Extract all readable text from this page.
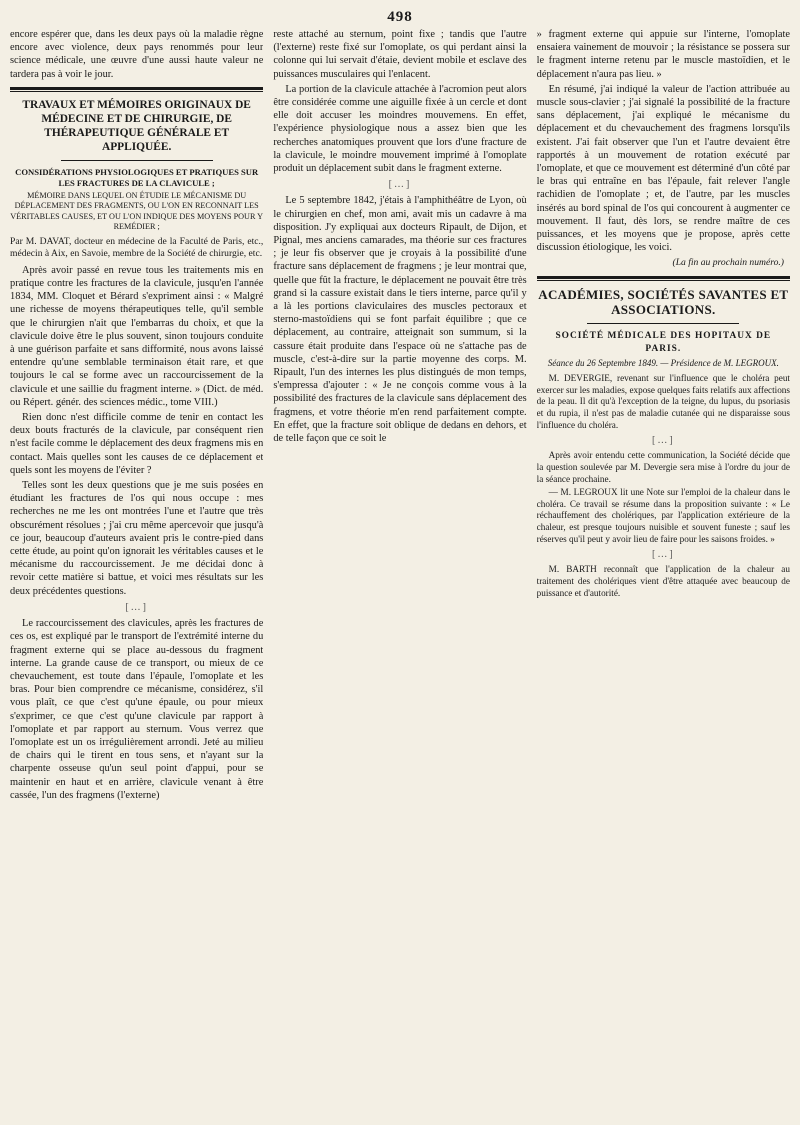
498

encore espérer que, dans les deux pays où la maladie règne encore avec violence, deux pays renommés pour leur science médicale, une œuvre d'une aussi haute valeur ne tardera pas à voir le jour.

TRAVAUX ET MÉMOIRES ORIGINAUX DE MÉDECINE ET DE CHIRURGIE, DE THÉRAPEUTIQUE GÉNÉRALE ET APPLIQUÉE.
CONSIDÉRATIONS PHYSIOLOGIQUES ET PRATIQUES SUR LES FRACTURES DE LA CLAVICULE ;
MÉMOIRE DANS LEQUEL ON ÉTUDIE LE MÉCANISME DU DÉPLACEMENT DES FRAGMENTS, OU L'ON EN RECONNAIT LES VÉRITABLES CAUSES, ET OU L'ON INDIQUE DES MOYENS POUR Y REMÉDIER ;
Par M. DAVAT, docteur en médecine de la Faculté de Paris, etc., médecin à Aix, en Savoie, membre de la Société de chirurgie, etc.

Après avoir passé en revue tous les traitements mis en pratique contre les fractures de la clavicule, jusqu'en l'année 1834, MM. Cloquet et Bérard s'expriment ainsi : « Malgré une richesse de moyens thérapeutiques telle, qu'il semble que le chirurgien n'ait que l'embarras du choix, et que la clavicule doive être le plus souvent, sinon toujours conduite à une guérison parfaite et sans difformité, nous avons laissé entendre qu'une semblable terminaison était rare, et que toujours le cal se forme avec un raccourcissement de la clavicule et une saillie du fragment interne. » (Dict. de méd. ou Répert. génér. des sciences médic., tome VIII.)

Rien donc n'est difficile comme de tenir en contact les deux bouts fracturés de la clavicule, par conséquent rien n'est facile comme le déplacement des deux fragmens mis en contact. Mais quelles sont les causes de ce déplacement et quels sont les moyens de l'éviter ?

Telles sont les deux questions que je me suis posées en étudiant les fractures de l'os qui nous occupe : mes recherches ne me les ont montrées l'une et l'autre que très obscurément résolues ; j'ai cru même apercevoir que jusqu'à ce jour, beaucoup d'auteurs avaient pris le contre-pied dans cette étude, au point qu'on ignorait les véritables causes et le mécanisme du raccourcissement. Je me décidai donc à revoir cette matière si battue, et voici mes résultats sur les deux précédentes questions.

[…]

Le raccourcissement des clavicules, après les fractures de ces os, est expliqué par le transport de l'extrémité interne du fragment externe qui se place au-dessous du fragment interne. La grande cause de ce transport, ou mieux de ce chevauchement, est toute dans l'épaule, l'omoplate et les bras. Pour bien comprendre ce mécanisme, considérez, s'il vous plaît, ce que c'est qu'une épaule, ou pour mieux s'exprimer, ce que c'est qu'une clavicule par rapport à l'omoplate et par rapport au sternum. Vous verrez que l'omoplate est un os irrégulièrement arrondi. Jeté au milieu de chairs qui le tirent en tous sens, et n'ayant sur la charpente osseuse qu'un seul point d'appui, pour se maintenir en haut et en arrière, clavicule venant à être cassée, l'un des fragmens (l'externe)

reste attaché au sternum, point fixe ; tandis que l'autre (l'externe) reste fixé sur l'omoplate, os qui perdant ainsi la colonne qui lui servait d'étaie, devient mobile et esclave des puissances musculaires qui l'enlacent.

La portion de la clavicule attachée à l'acromion peut alors être considérée comme une aiguille fixée à un cercle et dont elle doit accuser les moindres mouvemens. En effet, l'expérience physiologique nous a assez bien que les recherches anatomiques prouvent que lors d'une fracture de la clavicule, le moindre mouvement imprimé à l'omoplate produit un déplacement subit dans le fragment externe.

[…]

Le 5 septembre 1842, j'étais à l'amphithéâtre de Lyon, où le chirurgien en chef, mon ami, avait mis un cadavre à ma disposition. J'y expliquai aux docteurs Ripault, de Dijon, et Pignal, mes anciens camarades, ma théorie sur ces fractures ; je leur fis observer que je croyais à la possibilité d'une fracture sans déplacement de fragmens ; je leur montrai que, quelle que fût la fracture, le déplacement ne pouvait être très grand si la cassure existait dans le tiers interne, parce qu'il y a là les portions claviculaires des muscles pectoraux et sterno-mastoïdiens qui se font parfait équilibre ; que ce déplacement, au contraire, atteignait son summum, si la cassure était produite dans l'espace où ne s'attache pas de muscle, c'est-à-dire sur la partie moyenne des corps. M. Ripault, l'un des internes les plus distingués de mon temps, s'empressa d'ajouter : « Je ne conçois comme vous à la possibilité des fractures de la clavicule sans déplacement des fragmens, et votre théorie m'en rend parfaitement compte. En effet, que la fracture soit oblique de dedans en dehors, et de telle façon que ce soit le

» fragment externe qui appuie sur l'interne, l'omoplate ensaiera vainement de mouvoir ; la résistance se possera sur le fragment interne retenu par le muscle mastoïdien, et le déplacement n'aura pas lieu. »

En résumé, j'ai indiqué la valeur de l'action attribuée au muscle sous-clavier ; j'ai signalé la possibilité de la fracture sans déplacement, j'ai expliqué le mécanisme du déplacement et du chevauchement des fragmens lorsqu'ils existent. J'ai fait observer que l'un et l'autre devaient être rapportés à un mouvement de rotation exécuté par l'omoplate, et que ce mouvement est déterminé d'un côté par le bras qui entraîne en bas l'épaule, fait relever l'angle rachidien de l'omoplate ; et, de l'autre, par les muscles insérés au bord spinal de l'os qui concourent à augmenter ce mouvement. Il faut, dès lors, se rendre maître de ces puissances, et les moyens que je propose, après cette discussion étiologique, les voici.

(La fin au prochain numéro.)
ACADÉMIES, SOCIÉTÉS SAVANTES ET ASSOCIATIONS.
SOCIÉTÉ MÉDICALE DES HOPITAUX DE PARIS.
Séance du 26 Septembre 1849. — Présidence de M. LEGROUX.

M. DEVERGIE, revenant sur l'influence que le choléra peut exercer sur les maladies, expose quelques faits relatifs aux affections de la peau. Il dit qu'à l'exception de la teigne, du lupus, du psoriasis et du rupia, il n'est pas de maladie cutanée qui ne disparaisse sous l'influence du choléra.

[…]

Après avoir entendu cette communication, la Société décide que la question soulevée par M. Devergie sera mise à l'ordre du jour de la séance prochaine.

— M. LEGROUX lit une Note sur l'emploi de la chaleur dans le choléra. Ce travail se résume dans la proposition suivante : « Le réchauffement des cholériques, par l'application extérieure de la chaleur, est presque toujours nuisible et souvent funeste ; sauf les réserves qu'il peut y avoir lieu de faire pour les saisons froides. »

[…]

M. BARTH reconnaît que l'application de la chaleur au traitement des cholériques vient d'être attaquée avec beaucoup de puissance et d'autorité.
